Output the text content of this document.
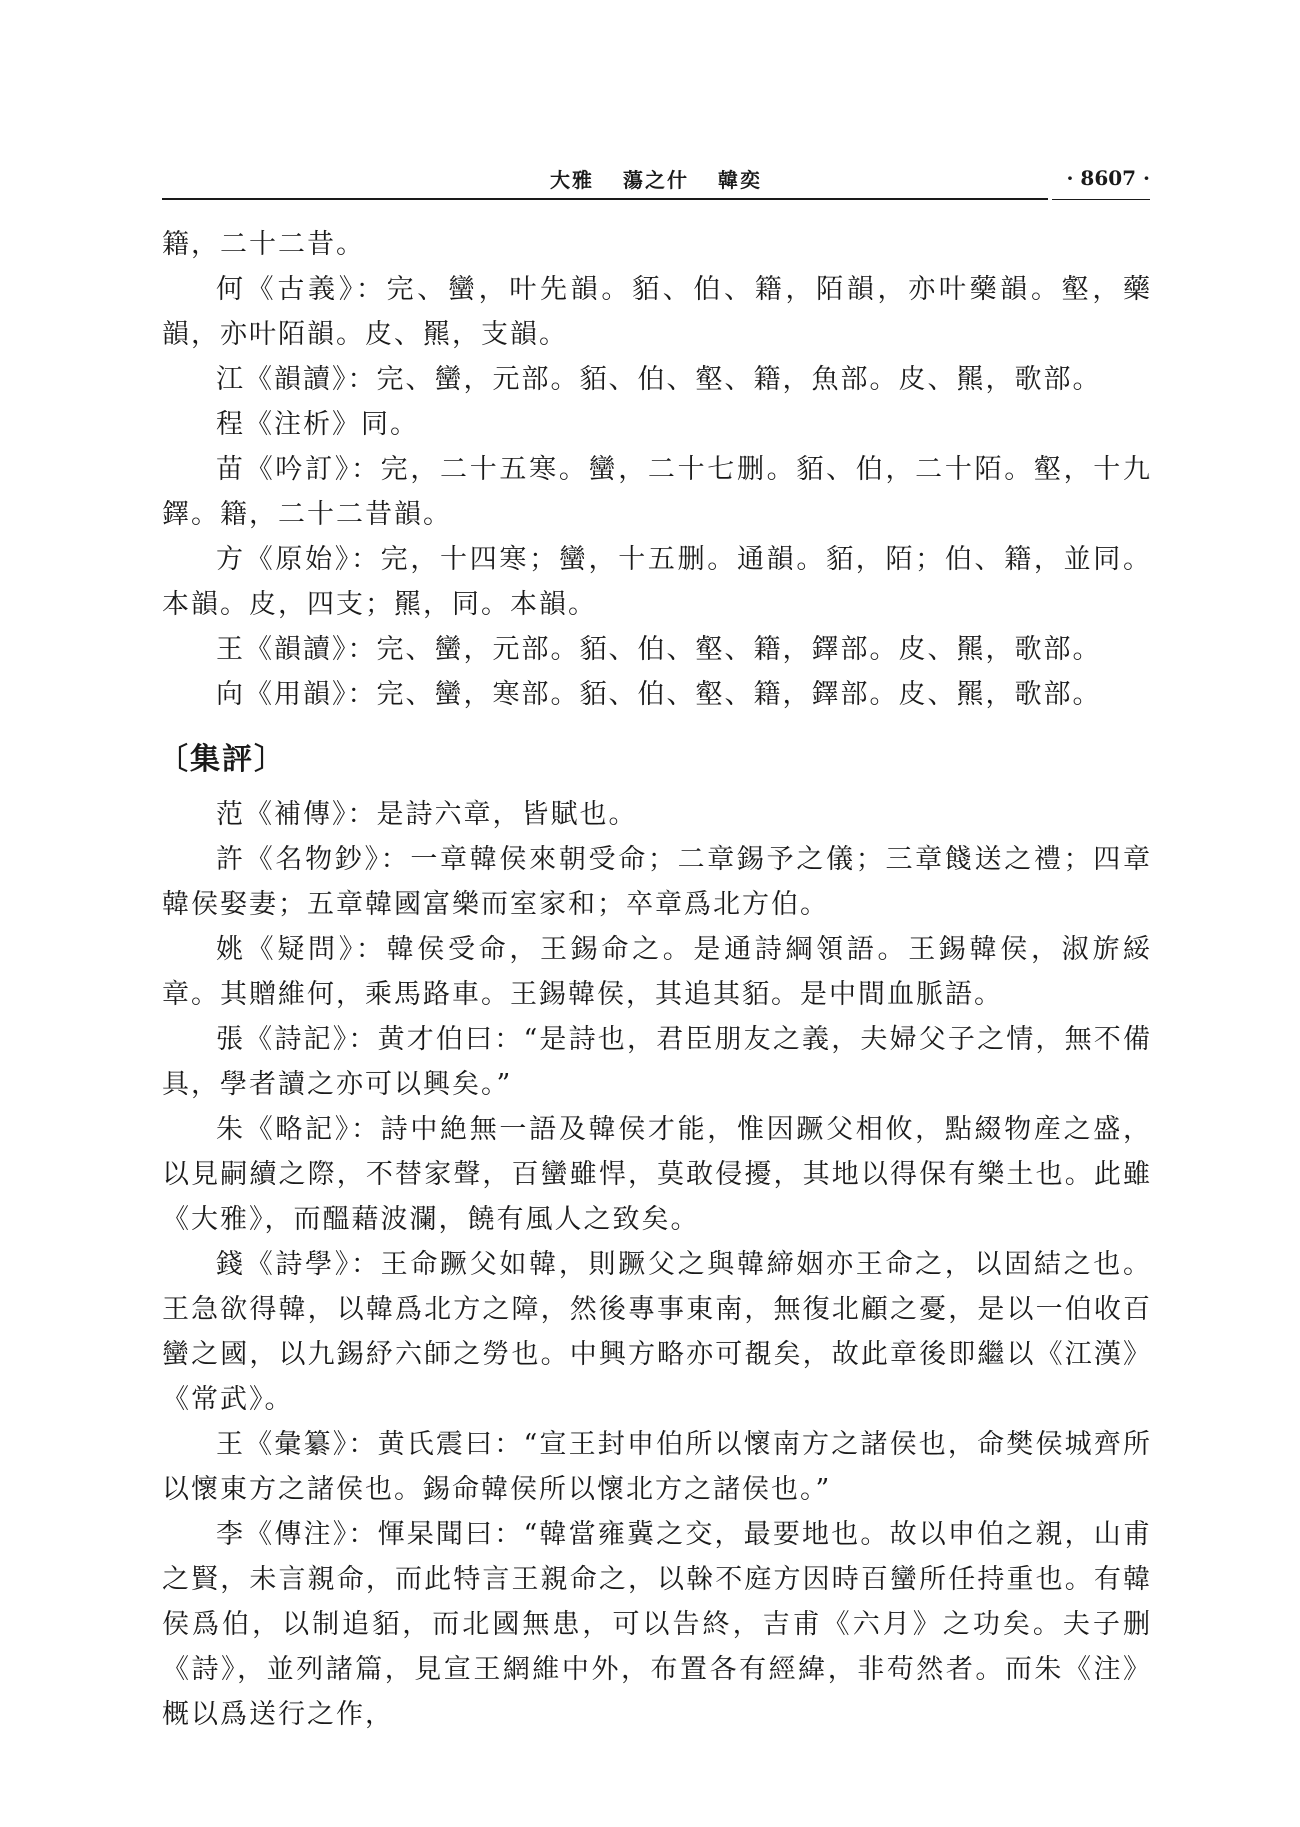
大雅 蕩之什 韓奕	· 8607 ·

籍，二十二昔。

何《古義》：完、蠻，叶先韻。貊、伯、籍，陌韻，亦叶藥韻。壑，藥韻，亦叶陌韻。皮、羆，支韻。

江《韻讀》：完、蠻，元部。貊、伯、壑、籍，魚部。皮、羆，歌部。

程《注析》同。

苗《吟訂》：完，二十五寒。蠻，二十七删。貊、伯，二十陌。壑，十九鐸。籍，二十二昔韻。

方《原始》：完，十四寒；蠻，十五删。通韻。貊，陌；伯、籍，並同。本韻。皮，四支；羆，同。本韻。

王《韻讀》：完、蠻，元部。貊、伯、壑、籍，鐸部。皮、羆，歌部。

向《用韻》：完、蠻，寒部。貊、伯、壑、籍，鐸部。皮、羆，歌部。

〔集評〕

范《補傳》：是詩六章，皆賦也。

許《名物鈔》：一章韓侯來朝受命；二章錫予之儀；三章餞送之禮；四章韓侯娶妻；五章韓國富樂而室家和；卒章爲北方伯。

姚《疑問》：韓侯受命，王錫命之。是通詩綱領語。王錫韓侯，淑旂綏章。其贈維何，乘馬路車。王錫韓侯，其追其貊。是中間血脈語。

張《詩記》：黄才伯曰：“是詩也，君臣朋友之義，夫婦父子之情，無不備具，學者讀之亦可以興矣。”

朱《略記》：詩中絶無一語及韓侯才能，惟因蹶父相攸，點綴物産之盛，以見嗣續之際，不替家聲，百蠻雖悍，莫敢侵擾，其地以得保有樂土也。此雖《大雅》，而醞藉波瀾，饒有風人之致矣。

錢《詩學》：王命蹶父如韓，則蹶父之與韓締姻亦王命之，以固結之也。王急欲得韓，以韓爲北方之障，然後專事東南，無復北顧之憂，是以一伯收百蠻之國，以九錫紓六師之勞也。中興方略亦可覩矣，故此章後即繼以《江漢》《常武》。

王《彙纂》：黄氏震曰：“宣王封申伯所以懷南方之諸侯也，命樊侯城齊所以懷東方之諸侯也。錫命韓侯所以懷北方之諸侯也。”

李《傳注》：惲杲聞曰：“韓當雍冀之交，最要地也。故以申伯之親，山甫之賢，未言親命，而此特言王親命之，以榦不庭方因時百蠻所任持重也。有韓侯爲伯，以制追貊，而北國無患，可以告終，吉甫《六月》之功矣。夫子删《詩》，並列諸篇，見宣王網維中外，布置各有經緯，非苟然者。而朱《注》概以爲送行之作，
